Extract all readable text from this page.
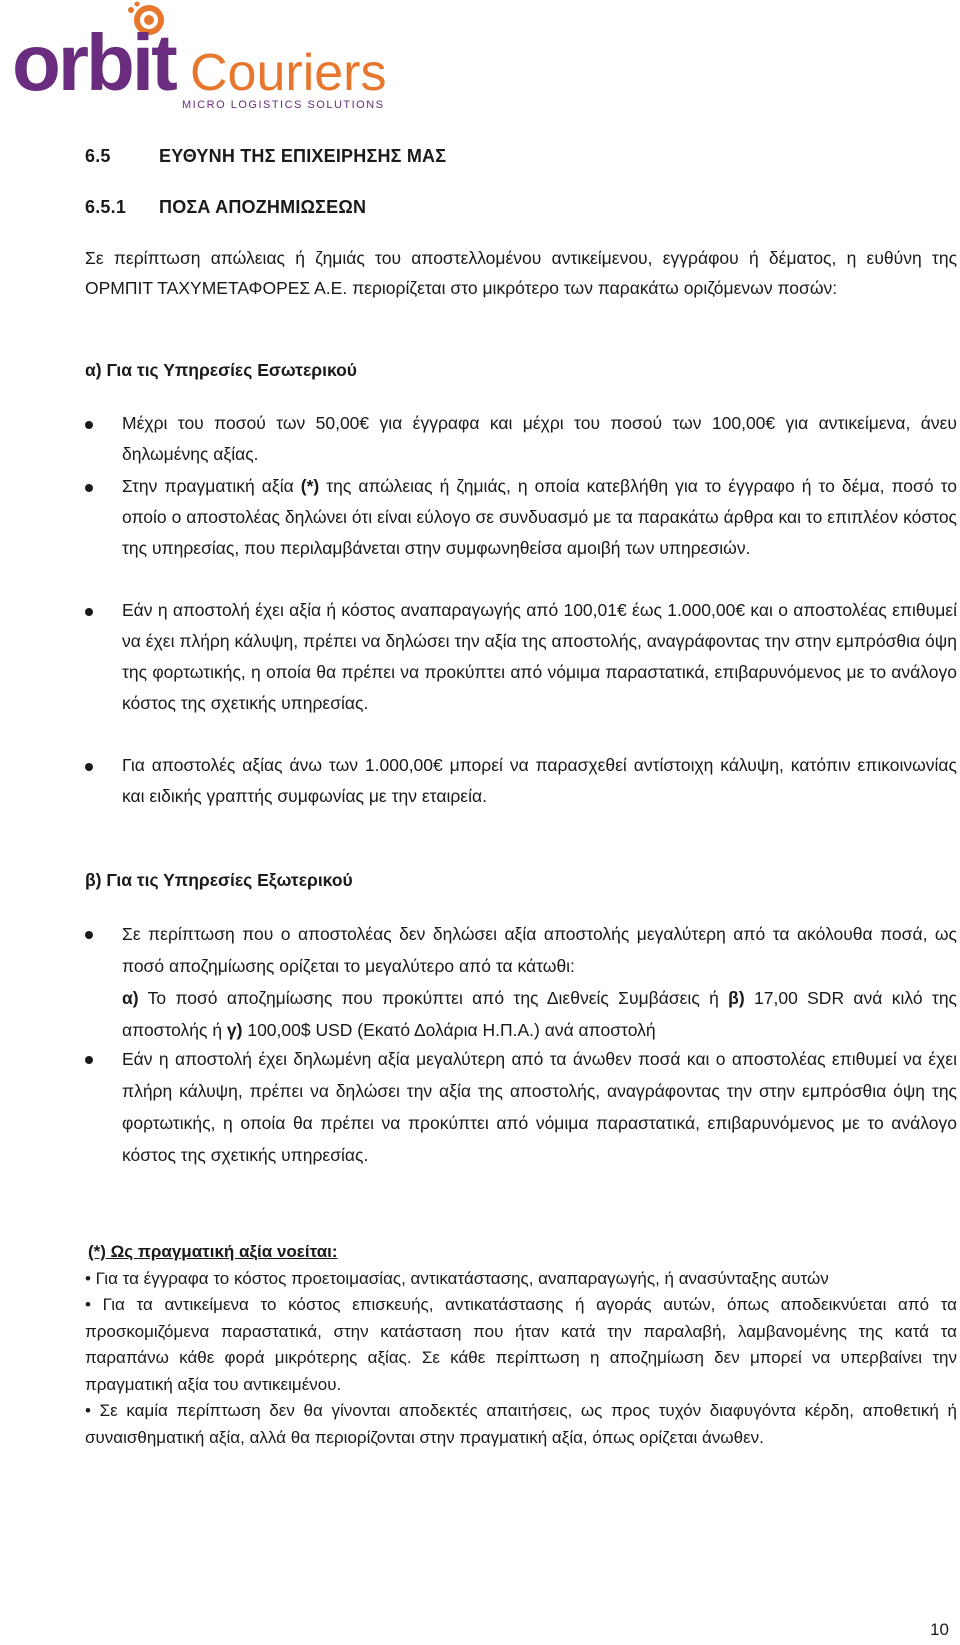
orbit Couriers
MICRO LOGISTICS SOLUTIONS
6.5	ΕΥΘΥΝΗ ΤΗΣ ΕΠΙΧΕΙΡΗΣΗΣ ΜΑΣ
6.5.1 ΠΟΣΑ ΑΠΟΖΗΜΙΩΣΕΩΝ
Σε περίπτωση απώλειας ή ζημιάς του αποστελλομένου αντικείμενου, εγγράφου ή δέματος, η ευθύνη της ΟΡΜΠΙΤ ΤΑΧΥΜΕΤΑΦΟΡΕΣ Α.Ε. περιορίζεται στο μικρότερο των παρακάτω οριζόμενων ποσών:
α) Για τις Υπηρεσίες Εσωτερικού
Μέχρι του ποσού των 50,00€ για έγγραφα και μέχρι του ποσού των 100,00€ για αντικείμενα, άνευ δηλωμένης αξίας.
Στην πραγματική αξία (*) της απώλειας ή ζημιάς, η οποία κατεβλήθη για το έγγραφο ή το δέμα, ποσό το οποίο ο αποστολέας δηλώνει ότι είναι εύλογο σε συνδυασμό με τα παρακάτω άρθρα και το επιπλέον κόστος της υπηρεσίας, που περιλαμβάνεται στην συμφωνηθείσα αμοιβή των υπηρεσιών.
Εάν η αποστολή έχει αξία ή κόστος αναπαραγωγής από 100,01€ έως 1.000,00€ και ο αποστολέας επιθυμεί να έχει πλήρη κάλυψη, πρέπει να δηλώσει την αξία της αποστολής, αναγράφοντας την στην εμπρόσθια όψη της φορτωτικής, η οποία θα πρέπει να προκύπτει από νόμιμα παραστατικά, επιβαρυνόμενος με το ανάλογο κόστος της σχετικής υπηρεσίας.
Για αποστολές αξίας άνω των 1.000,00€ μπορεί να παρασχεθεί αντίστοιχη κάλυψη, κατόπιν επικοινωνίας και ειδικής γραπτής συμφωνίας με την εταιρεία.
β) Για τις Υπηρεσίες Εξωτερικού
Σε περίπτωση που ο αποστολέας δεν δηλώσει αξία αποστολής μεγαλύτερη από τα ακόλουθα ποσά, ως ποσό αποζημίωσης ορίζεται το μεγαλύτερο από τα κάτωθι:
α) Το ποσό αποζημίωσης που προκύπτει από της Διεθνείς Συμβάσεις ή β) 17,00 SDR ανά κιλό της αποστολής ή γ) 100,00$ USD (Εκατό Δολάρια Η.Π.Α.) ανά αποστολή
Εάν η αποστολή έχει δηλωμένη αξία μεγαλύτερη από τα άνωθεν ποσά και ο αποστολέας επιθυμεί να έχει πλήρη κάλυψη, πρέπει να δηλώσει την αξία της αποστολής, αναγράφοντας την στην εμπρόσθια όψη της φορτωτικής, η οποία θα πρέπει να προκύπτει από νόμιμα παραστατικά, επιβαρυνόμενος με το ανάλογο κόστος της σχετικής υπηρεσίας.
(*) Ως πραγματική αξία νοείται:
• Για τα έγγραφα το κόστος προετοιμασίας, αντικατάστασης, αναπαραγωγής, ή ανασύνταξης αυτών
• Για τα αντικείμενα το κόστος επισκευής, αντικατάστασης ή αγοράς αυτών, όπως αποδεικνύεται από τα προσκομιζόμενα παραστατικά, στην κατάσταση που ήταν κατά την παραλαβή, λαμβανομένης της κατά τα παραπάνω κάθε φορά μικρότερης αξίας. Σε κάθε περίπτωση η αποζημίωση δεν μπορεί να υπερβαίνει την πραγματική αξία του αντικειμένου.
• Σε καμία περίπτωση δεν θα γίνονται αποδεκτές απαιτήσεις, ως προς τυχόν διαφυγόντα κέρδη, αποθετική ή συναισθηματική αξία, αλλά θα περιορίζονται στην πραγματική αξία, όπως ορίζεται άνωθεν.
10
